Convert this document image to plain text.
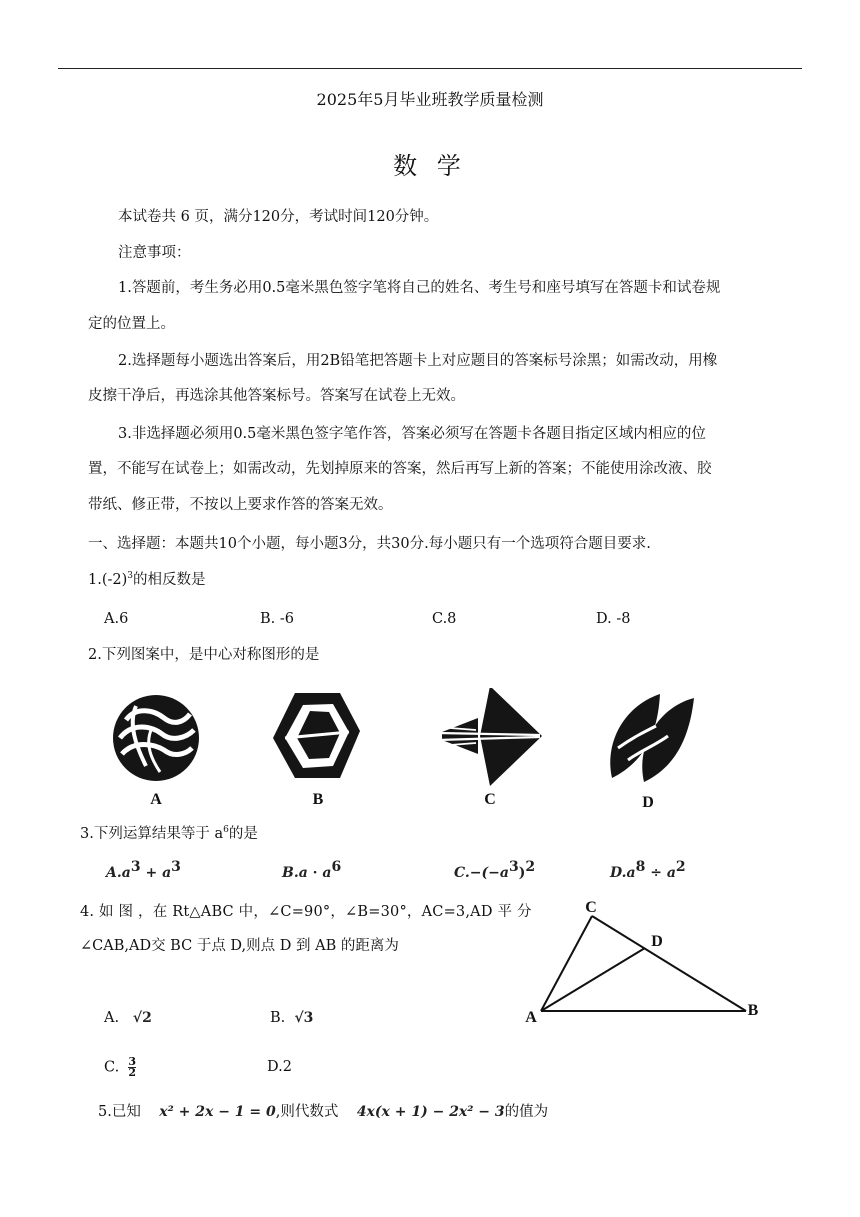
2025年5月毕业班教学质量检测
数 学
本试卷共 6 页，满分120分，考试时间120分钟。
注意事项：
1.答题前，考生务必用0.5毫米黑色签字笔将自己的姓名、考生号和座号填写在答题卡和试卷规
定的位置上。
2.选择题每小题选出答案后，用2B铅笔把答题卡上对应题目的答案标号涂黑；如需改动，用橡
皮擦干净后，再选涂其他答案标号。答案写在试卷上无效。
3.非选择题必须用0.5毫米黑色签字笔作答，答案必须写在答题卡各题目指定区域内相应的位
置，不能写在试卷上；如需改动，先划掉原来的答案，然后再写上新的答案；不能使用涂改液、胶
带纸、修正带，不按以上要求作答的答案无效。
一、选择题：本题共10个小题，每小题3分，共30分.每小题只有一个选项符合题目要求.
$1.(-2)^3$的相反数是
A.6	B. -6	C.8	D. -8
2.下列图案中，是中心对称图形的是
A	B	C	D
3.下列运算结果等于 $a^6$的是
$A.a^3 + a^3$	$B.a \cdot a^6$	$C.-(-a^3)^2$	$D.a^8 \div a^2$
4. 如 图 ，在 Rt△ABC 中，∠C=90°，∠B=30°，AC=3,AD 平 分
∠CAB,AD交 BC 于点 D,则点 D 到 AB 的距离为
C
D
A	B
A. √2	B. √3
C. $\frac{3}{2}$	D.2
5.已知 x² + 2x − 1 = 0,则代数式 4x(x + 1) − 2x² − 3的值为
